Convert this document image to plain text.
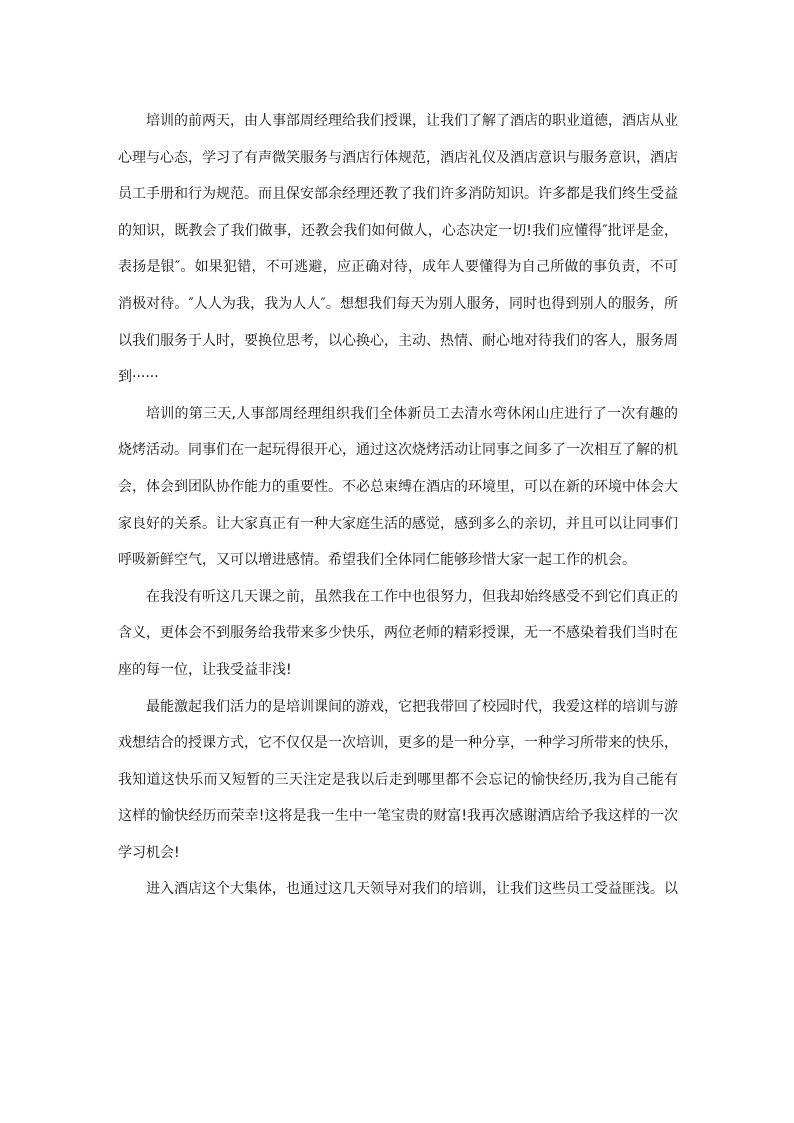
培训的前两天，由人事部周经理给我们授课，让我们了解了酒店的职业道德，酒店从业心理与心态，学习了有声微笑服务与酒店行体规范，酒店礼仪及酒店意识与服务意识，酒店员工手册和行为规范。而且保安部余经理还教了我们许多消防知识。许多都是我们终生受益的知识，既教会了我们做事，还教会我们如何做人，心态决定一切!我们应懂得″批评是金，表扬是银″。如果犯错，不可逃避，应正确对待，成年人要懂得为自己所做的事负责，不可消极对待。″人人为我，我为人人″。想想我们每天为别人服务，同时也得到别人的服务，所以我们服务于人时，要换位思考，以心换心，主动、热情、耐心地对待我们的客人，服务周到······

培训的第三天,人事部周经理组织我们全体新员工去清水弯休闲山庄进行了一次有趣的烧烤活动。同事们在一起玩得很开心，通过这次烧烤活动让同事之间多了一次相互了解的机会，体会到团队协作能力的重要性。不必总束缚在酒店的环境里，可以在新的环境中体会大家良好的关系。让大家真正有一种大家庭生活的感觉，感到多么的亲切，并且可以让同事们呼吸新鲜空气，又可以增进感情。希望我们全体同仁能够珍惜大家一起工作的机会。

在我没有听这几天课之前，虽然我在工作中也很努力，但我却始终感受不到它们真正的含义，更体会不到服务给我带来多少快乐，两位老师的精彩授课，无一不感染着我们当时在座的每一位，让我受益非浅!

最能激起我们活力的是培训课间的游戏，它把我带回了校园时代，我爱这样的培训与游戏想结合的授课方式，它不仅仅是一次培训，更多的是一种分享，一种学习所带来的快乐，我知道这快乐而又短暂的三天注定是我以后走到哪里都不会忘记的愉快经历,我为自己能有这样的愉快经历而荣幸!这将是我一生中一笔宝贵的财富!我再次感谢酒店给予我这样的一次学习机会!

进入酒店这个大集体，也通过这几天领导对我们的培训，让我们这些员工受益匪浅。以
